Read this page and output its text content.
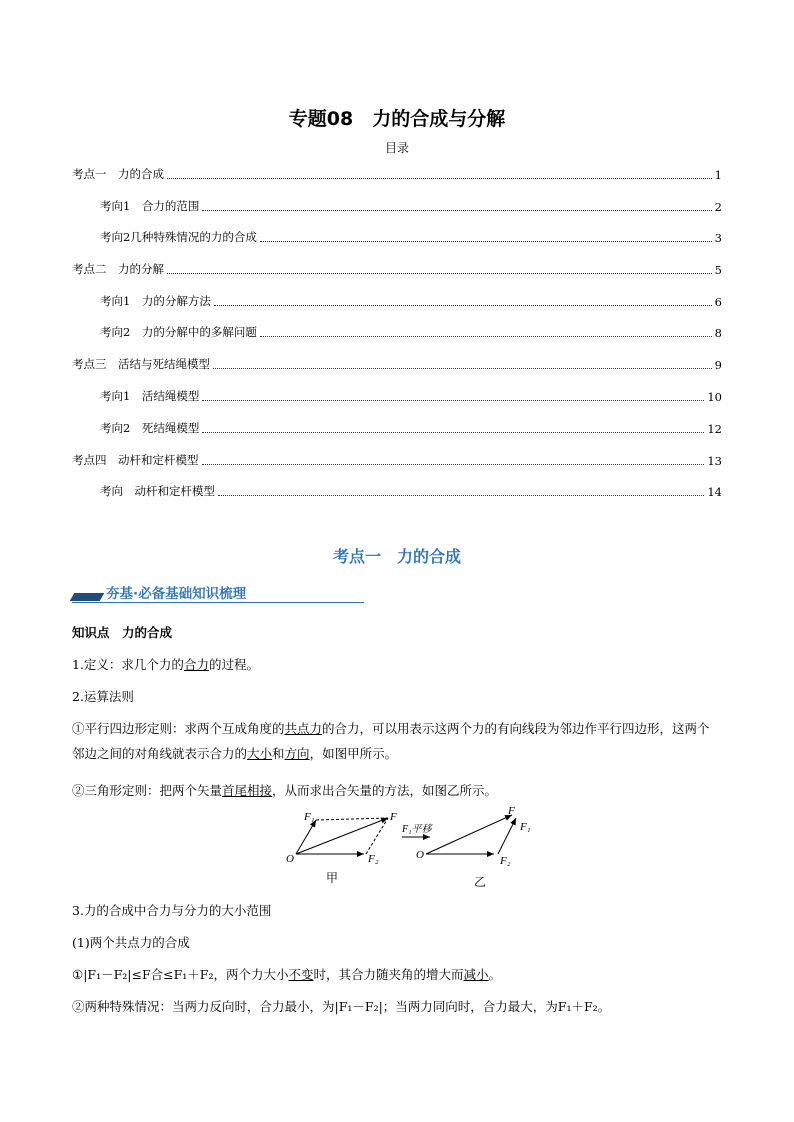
专题08　力的合成与分解
目录
考点一　力的合成	1
考向1　合力的范围	2
考向2几种特殊情况的力的合成	3
考点二　力的分解	5
考向1　力的分解方法	6
考向2　力的分解中的多解问题	8
考点三　活结与死结绳模型	9
考向1　活结绳模型	10
考向2　死结绳模型	12
考点四　动杆和定杆模型	13
考向　动杆和定杆模型	14
考点一　力的合成
夯基·必备基础知识梳理
知识点　力的合成
1.定义：求几个力的合力的过程。
2.运算法则
①平行四边形定则：求两个互成角度的共点力的合力，可以用表示这两个力的有向线段为邻边作平行四边形，这两个邻边之间的对角线就表示合力的大小和方向，如图甲所示。
②三角形定则：把两个矢量首尾相接，从而求出合矢量的方法，如图乙所示。
F₁	F
F₂
O
甲
F₁平移
F
F₁
F₂
O
乙
3.力的合成中合力与分力的大小范围
(1)两个共点力的合成
①|F₁－F₂|≤F合≤F₁＋F₂，两个力大小不变时，其合力随夹角的增大而减小。
②两种特殊情况：当两力反向时，合力最小，为|F₁－F₂|；当两力同向时，合力最大，为F₁＋F₂。
